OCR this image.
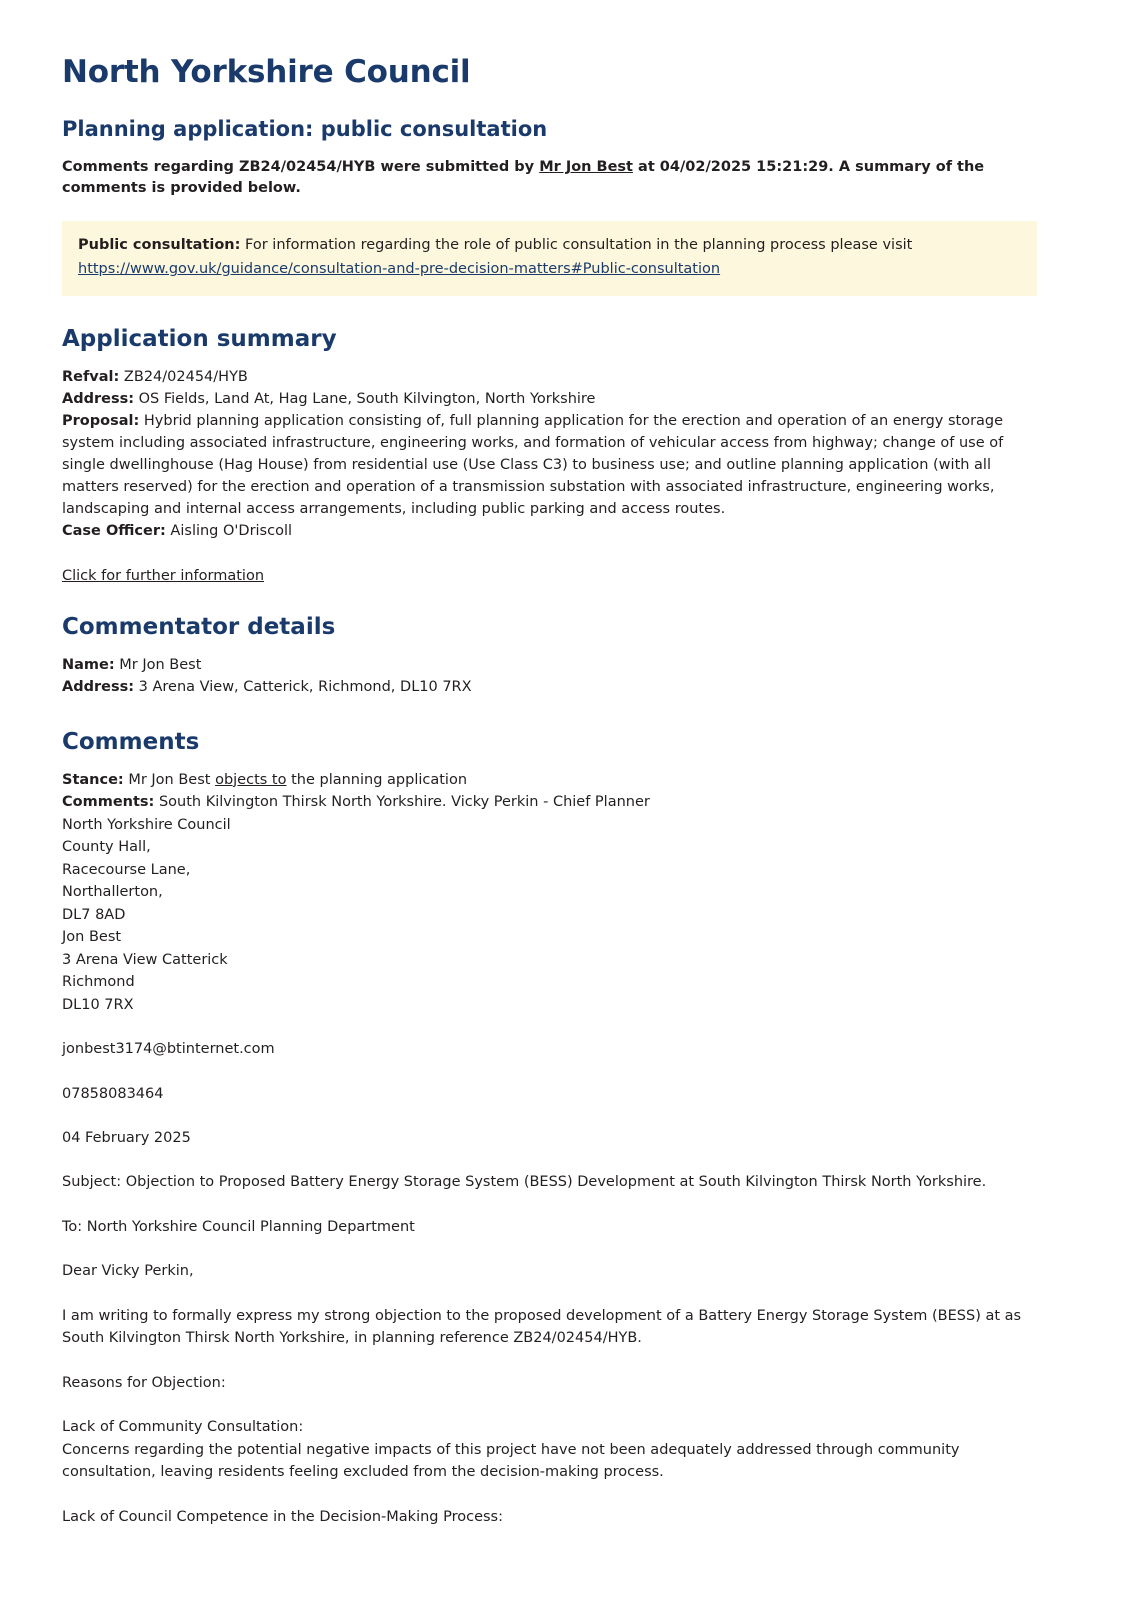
North Yorkshire Council
Planning application: public consultation

Comments regarding ZB24/02454/HYB were submitted by Mr Jon Best at 04/02/2025 15:21:29. A summary of the comments is provided below.

Public consultation: For information regarding the role of public consultation in the planning process please visit
https://www.gov.uk/guidance/consultation-and-pre-decision-matters#Public-consultation
Application summary
Refval: ZB24/02454/HYB
Address: OS Fields, Land At, Hag Lane, South Kilvington, North Yorkshire
Proposal: Hybrid planning application consisting of, full planning application for the erection and operation of an energy storage system including associated infrastructure, engineering works, and formation of vehicular access from highway; change of use of single dwellinghouse (Hag House) from residential use (Use Class C3) to business use; and outline planning application (with all matters reserved) for the erection and operation of a transmission substation with associated infrastructure, engineering works, landscaping and internal access arrangements, including public parking and access routes.
Case Officer: Aisling O'Driscoll
Click for further information
Commentator details
Name: Mr Jon Best
Address: 3 Arena View, Catterick, Richmond, DL10 7RX
Comments

Stance: Mr Jon Best objects to the planning application

Comments: South Kilvington Thirsk North Yorkshire. Vicky Perkin - Chief Planner

North Yorkshire Council
County Hall,
Racecourse Lane,
Northallerton,
DL7 8AD
Jon Best
3 Arena View Catterick
Richmond
DL10 7RX

jonbest3174@btinternet.com

07858083464

04 February 2025

Subject: Objection to Proposed Battery Energy Storage System (BESS) Development at South Kilvington Thirsk North Yorkshire.

To: North Yorkshire Council Planning Department

Dear Vicky Perkin,

I am writing to formally express my strong objection to the proposed development of a Battery Energy Storage System (BESS) at as South Kilvington Thirsk North Yorkshire, in planning reference ZB24/02454/HYB.

Reasons for Objection:

Lack of Community Consultation:

Concerns regarding the potential negative impacts of this project have not been adequately addressed through community consultation, leaving residents feeling excluded from the decision-making process.

Lack of Council Competence in the Decision-Making Process:
